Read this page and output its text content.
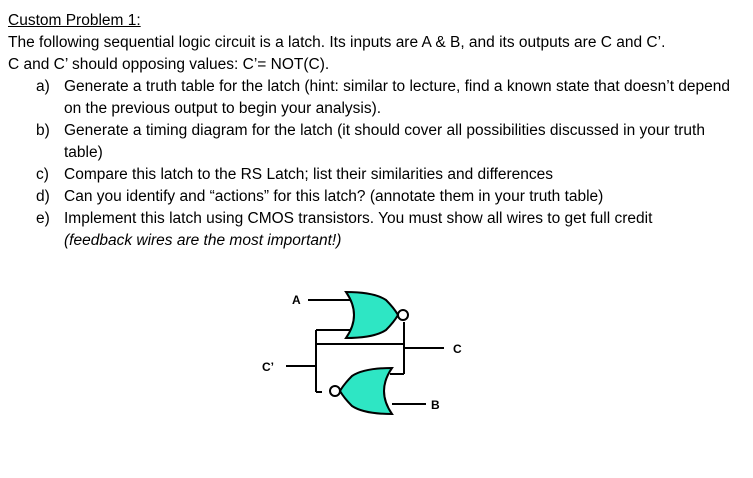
Custom Problem 1:

The following sequential logic circuit is a latch. Its inputs are A & B, and its outputs are C and C’.

C and C’ should opposing values: C’= NOT(C).

a) Generate a truth table for the latch (hint: similar to lecture, find a known state that doesn’t depend on the previous output to begin your analysis).
b) Generate a timing diagram for the latch (it should cover all possibilities discussed in your truth table)
c) Compare this latch to the RS Latch; list their similarities and differences
d) Can you identify and “actions” for this latch? (annotate them in your truth table)
e) Implement this latch using CMOS transistors. You must show all wires to get full credit
(feedback wires are the most important!)
A
C
C’
B
